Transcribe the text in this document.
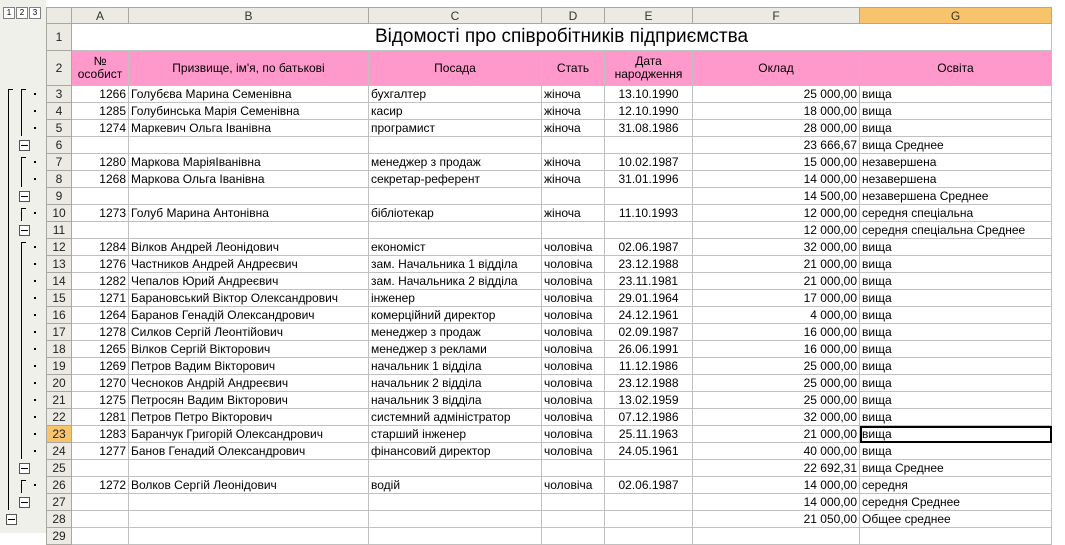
1	2	3
		A	B	C	D	E	F	G
1	Відомості про співробітників підприємства						
2	№ особист	Призвище, ім'я, по батькові	Посада	Стать	Дата народження	Оклад	Освіта
3	1266	Голубєва Марина Семенівна	бухгалтер	жіноча	13.10.1990	25 000,00	вища
4	1285	Голубинська Марія Семенівна	касир	жіноча	12.10.1990	18 000,00	вища
5	1274	Маркевич Ольга Іванівна	програмист	жіноча	31.08.1986	28 000,00	вища
6						23 666,67	вища Среднее
7	1280	Маркова МаріяІванівна	менеджер з продаж	жіноча	10.02.1987	15 000,00	незавершена
8	1268	Маркова Ольга Іванівна	секретар-референт	жіноча	31.01.1996	14 000,00	незавершена
9						14 500,00	незавершена Среднее
10	1273	Голуб Марина Антонівна	бібліотекар	жіноча	11.10.1993	12 000,00	середня спеціальна
11						12 000,00	середня спеціальна Среднее
12	1284	Вілков Андрей Леонідович	економіст	чоловіча	02.06.1987	32 000,00	вища
13	1276	Частников Андрей Андреєвич	зам. Начальника 1 відділа	чоловіча	23.12.1988	21 000,00	вища
14	1282	Чепалов Юрий Андреєвич	зам. Начальника 2 відділа	чоловіча	23.11.1981	21 000,00	вища
15	1271	Барановський Віктор Олександрович	інженер	чоловіча	29.01.1964	17 000,00	вища
16	1264	Баранов Генадій Олександрович	комерційний директор	чоловіча	24.12.1961	4 000,00	вища
17	1278	Силков Сергій Леонтійович	менеджер з продаж	чоловіча	02.09.1987	16 000,00	вища
18	1265	Вілков Сергій Вікторович	менеджер з реклами	чоловіча	26.06.1991	16 000,00	вища
19	1269	Петров Вадим Вікторович	начальник 1 відділа	чоловіча	11.12.1986	25 000,00	вища
20	1270	Чесноков Андрій Андреєвич	начальник 2 відділа	чоловіча	23.12.1988	25 000,00	вища
21	1275	Петросян Вадим Вікторович	начальник 3 відділа	чоловіча	13.02.1959	25 000,00	вища
22	1281	Петров Петро Вікторович	системний адміністратор	чоловіча	07.12.1986	32 000,00	вища
23	1283	Баранчук Григорій Олександрович	старший інженер	чоловіча	25.11.1963	21 000,00	вища
24	1277	Банов Генадий Олександрович	фінансовий директор	чоловіча	24.05.1961	40 000,00	вища
25						22 692,31	вища Среднее
26	1272	Волков Сергій Леонідович	водій	чоловіча	02.06.1987	14 000,00	середня
27						14 000,00	середня Среднее
28						21 050,00	Общее среднее
29							
